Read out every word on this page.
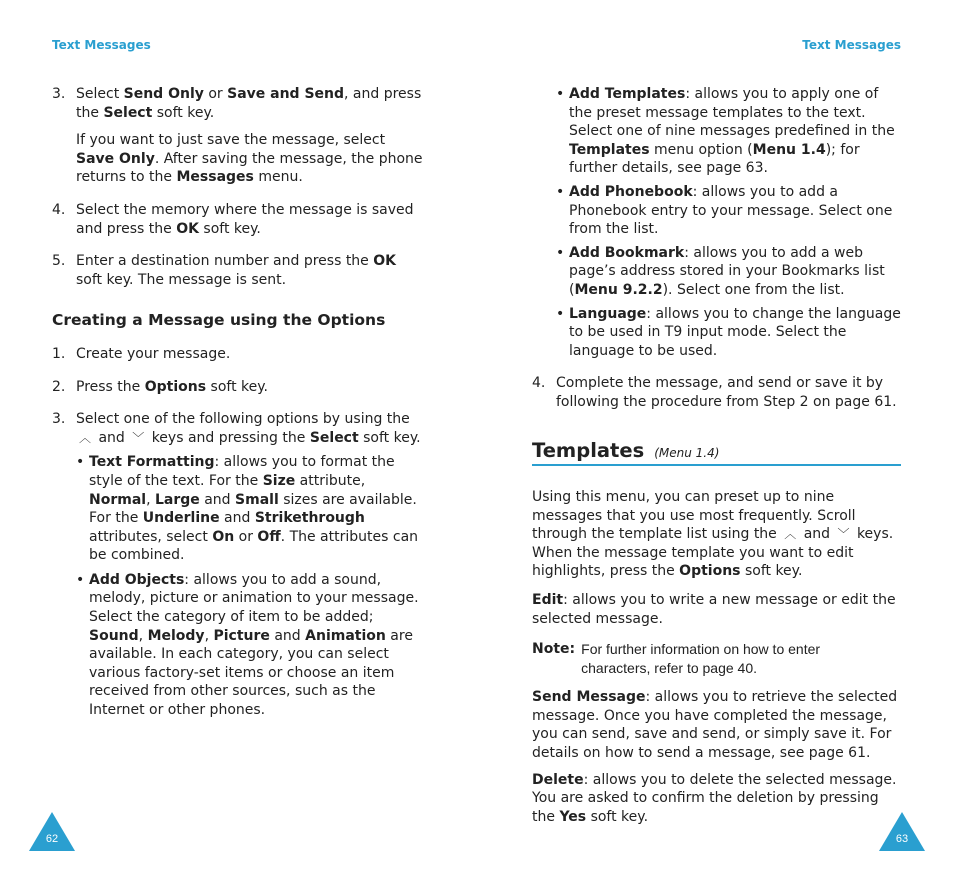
Text Messages	Text Messages
3. Select Send Only or Save and Send, and press the Select soft key.

If you want to just save the message, select Save Only. After saving the message, the phone returns to the Messages menu.

4. Select the memory where the message is saved and press the OK soft key.
5. Enter a destination number and press the OK soft key. The message is sent.
Creating a Message using the Options
1. Create your message.
2. Press the Options soft key.
3. Select one of the following options by using the ︿ and ﹀ keys and pressing the Select soft key.
• Text Formatting: allows you to format the style of the text. For the Size attribute, Normal, Large and Small sizes are available. For the Underline and Strikethrough attributes, select On or Off. The attributes can be combined.
• Add Objects: allows you to add a sound, melody, picture or animation to your message. Select the category of item to be added; Sound, Melody, Picture and Animation are available. In each category, you can select various factory-set items or choose an item received from other sources, such as the Internet or other phones.
• Add Templates: allows you to apply one of the preset message templates to the text. Select one of nine messages predefined in the Templates menu option (Menu 1.4); for further details, see page 63.
• Add Phonebook: allows you to add a Phonebook entry to your message. Select one from the list.
• Add Bookmark: allows you to add a web page’s address stored in your Bookmarks list (Menu 9.2.2). Select one from the list.
• Language: allows you to change the language to be used in T9 input mode. Select the language to be used.
4. Complete the message, and send or save it by following the procedure from Step 2 on page 61.
Templates (Menu 1.4)
Using this menu, you can preset up to nine messages that you use most frequently. Scroll through the template list using the ︿ and ﹀ keys. When the message template you want to edit highlights, press the Options soft key.
Edit: allows you to write a new message or edit the selected message.
Note: For further information on how to enter characters, refer to page 40.
Send Message: allows you to retrieve the selected message. Once you have completed the message, you can send, save and send, or simply save it. For details on how to send a message, see page 61.
Delete: allows you to delete the selected message. You are asked to confirm the deletion by pressing the Yes soft key.
62	63
